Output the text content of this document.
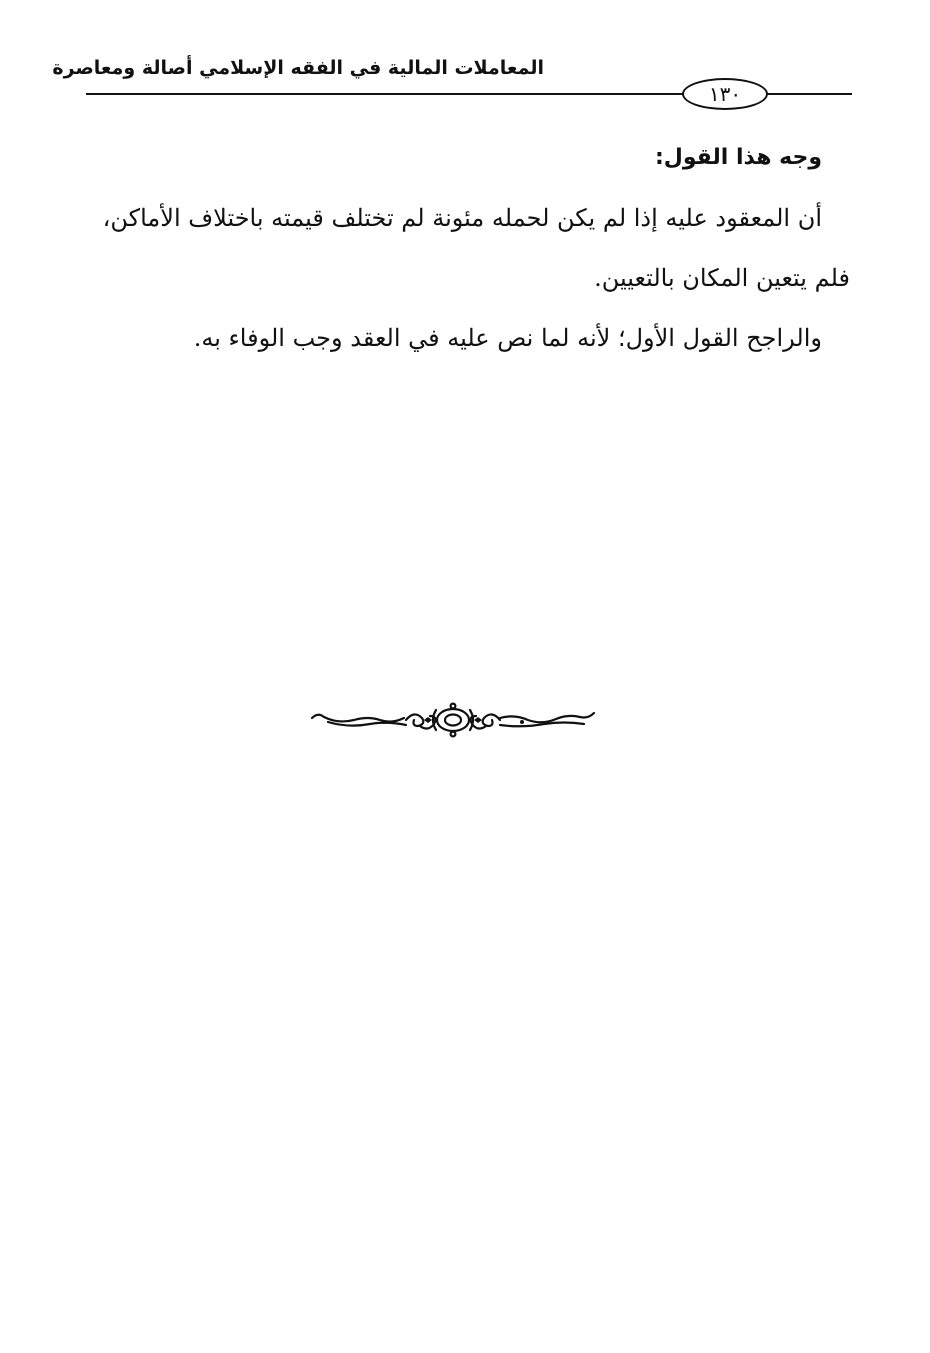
المعاملات المالية في الفقه الإسلامي أصالة ومعاصرة
١٣٠
وجه هذا القول:
أن المعقود عليه إذا لم يكن لحمله مئونة لم تختلف قيمته باختلاف الأماكن،
فلم يتعين المكان بالتعيين.
والراجح القول الأول؛ لأنه لما نص عليه في العقد وجب الوفاء به.
